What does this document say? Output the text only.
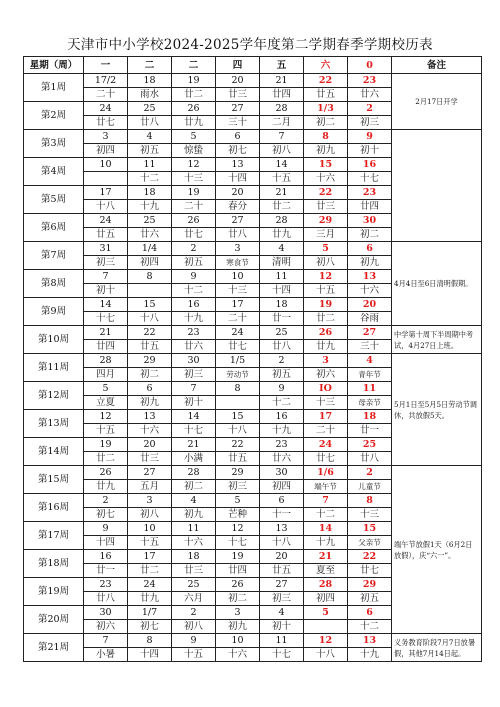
天津市中小学校2024-2025学年度第二学期春季学期校历表
星期（周）	一	二	二	四	五	六	0	备注
第1周	17/2	18	19	20	21	22	23	2月17日开学
	二十	雨水	廿二	廿三	廿四	廿五	廿六	
第2周	24	25	26	27	28	1/3	2	
	廿七	廿八	廿九	三十	二月	初二	初三	
第3周	3	4	5	6	7	8	9	
	初四	初五	惊蛰	初七	初八	初九	初十	
第4周	10	11	12	13	14	15	16	
		十二	十三	十四	十五	十六	十七	
第5周	17	18	19	20	21	22	23	
	十八	十九	二十	春分	廿二	廿三	廿四	
第6周	24	25	26	27	28	29	30	
	廿五	廿六	廿七	廿八	廿九	三月	初二	
第7周	31	1/4	2	3	4	5	6	4月4日至6日清明假期。
	初三	初四	初五	寒食节	清明	初八	初九	
第8周	7	8	9	10	11	12	13	
	初十		十二	十三	十四	十五	十六	
第9周	14	15	16	17	18	19	20	
	十七	十八	十九	二十	廿一	廿二	谷雨	
第10周	21	22	23	24	25	26	27	中学第十周下半周期中考试，4月27日上班。
	廿四	廿五	廿六	廿七	廿八	廿九	三十	
第11周	28	29	30	1/5	2	3	4	5月1日至5月5日劳动节调休，共放假5天。
	四月	初二	初三	劳动节	初五	初六	青年节	
第12周	5	6	7	8	9	IO	11	
	立夏	初九	初十		十二	十三	母亲节	
第13周	12	13	14	15	16	17	18	
	十五	十六	十七	十八	十九	二十	廿一	
第14周	19	20	21	22	23	24	25	
	廿二	廿三	小满	廿五	廿六	廿七	廿八	
第15周	26	27	28	29	30	1/6	2	端午节放假1天（6月2日放假），庆“六一”。
	廿九	五月	初二	初三	初四	端午节	儿童节	
第16周	2	3	4	5	6	7	8	
	初七	初八	初九	芒种	十一	十二	十三	
第17周	9	10	11	12	13	14	15	
	十四	十五	十六	十七	十八	十九	父亲节	
第18周	16	17	18	19	20	21	22	
	廿一	廿二	廿三	廿四	廿五	夏至	廿七	
第19周	23	24	25	26	27	28	29	
	廿八	廿九	六月	初二	初三	初四	初五	
第20周	30	1/7	2	3	4	5	6	
	初六	初七	初八	初九	初十		十二	
第21周	7	8	9	10	11	12	13	义务教育阶段7月7日放暑假，其他7月14日起。
	小暑	十四	十五	十六	十七	十八	十九	
